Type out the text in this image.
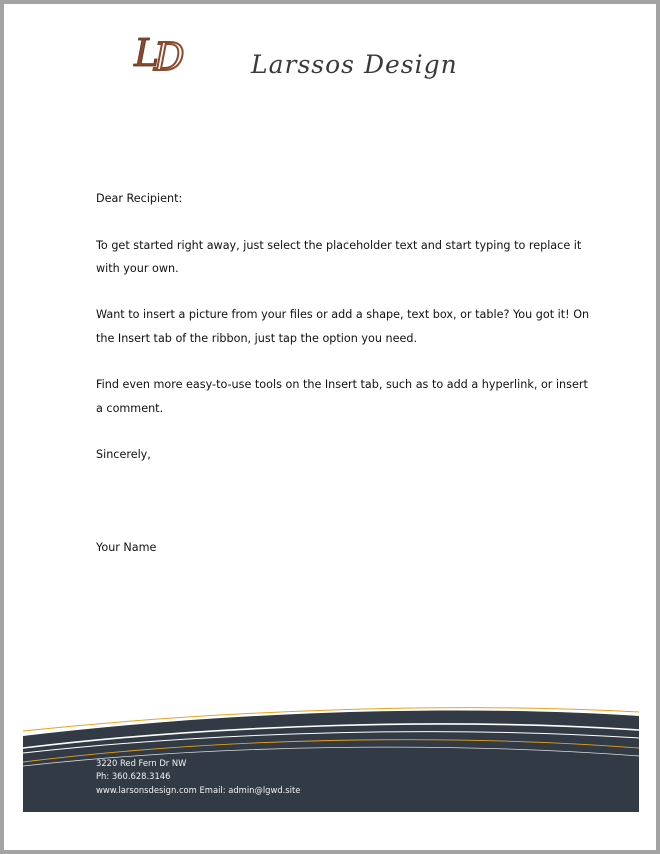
L
D	Larssos Design

Dear Recipient:

To get started right away, just select the placeholder text and start typing to replace it with your own.

Want to insert a picture from your files or add a shape, text box, or table? You got it! On the Insert tab of the ribbon, just tap the option you need.

Find even more easy-to-use tools on the Insert tab, such as to add a hyperlink, or insert a comment.

Sincerely,

Your Name

3220 Red Fern Dr NW
Ph: 360.628.3146
www.larsonsdesign.com Email: admin@lgwd.site
